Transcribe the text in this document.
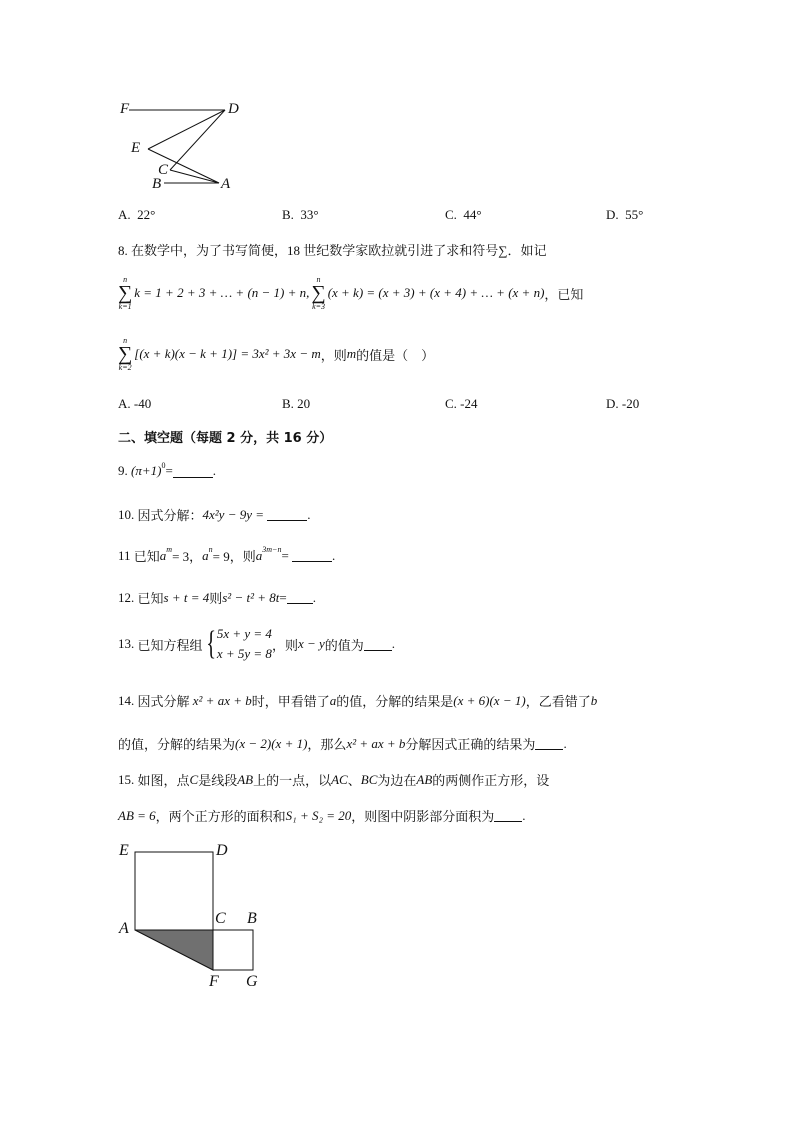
F	D
E
C
B	A
A. 22°	B. 33°	C. 44°	D. 55°
8. 在数学中，为了书写简便，18 世纪数学家欧拉就引进了求和符号∑．如记
n
∑
k=1
k = 1 + 2 + 3 + … + (n − 1) + n,
n
∑
k=3
(x + k) = (x + 3) + (x + 4) + … + (x + n) ，已知
n
∑
k=2
[(x + k)(x − k + 1)] = 3x² + 3x − m ，则 m 的值是（　）
A. -40	B. 20	C. -24	D. -20
二、填空题（每题 2 分，共 16 分）
9.
$(\pi+1)^0$ =	.
10.
因式分解： 4x²y − 9y =
	.
11
已知 $a^m = 3$， $a^n = 9$，则 $a^{3m-n}$ =
	.
12.
已知 s + t = 4 则 s² − t² + 8t = .
13.
已知方程组 { 5x + y = 4
x + 5y = 8
，则 x − y 的值为 .
14.
因式分解
x² + ax + b 时，甲看错了 a 的值，分解的结果是 (x + 6)(x − 1) ，乙看错了 b
的值，分解的结果为 (x − 2)(x + 1) ，那么 x² + ax + b 分解因式正确的结果为 .
15.
如图，点 C 是线段 AB 上的一点，以 AC 、 BC 为边在 AB 的两侧作正方形，设
AB = 6 ，两个正方形的面积和 S₁ + S₂ = 20 ，则图中阴影部分面积为 .
E	D
A
C B
F G
